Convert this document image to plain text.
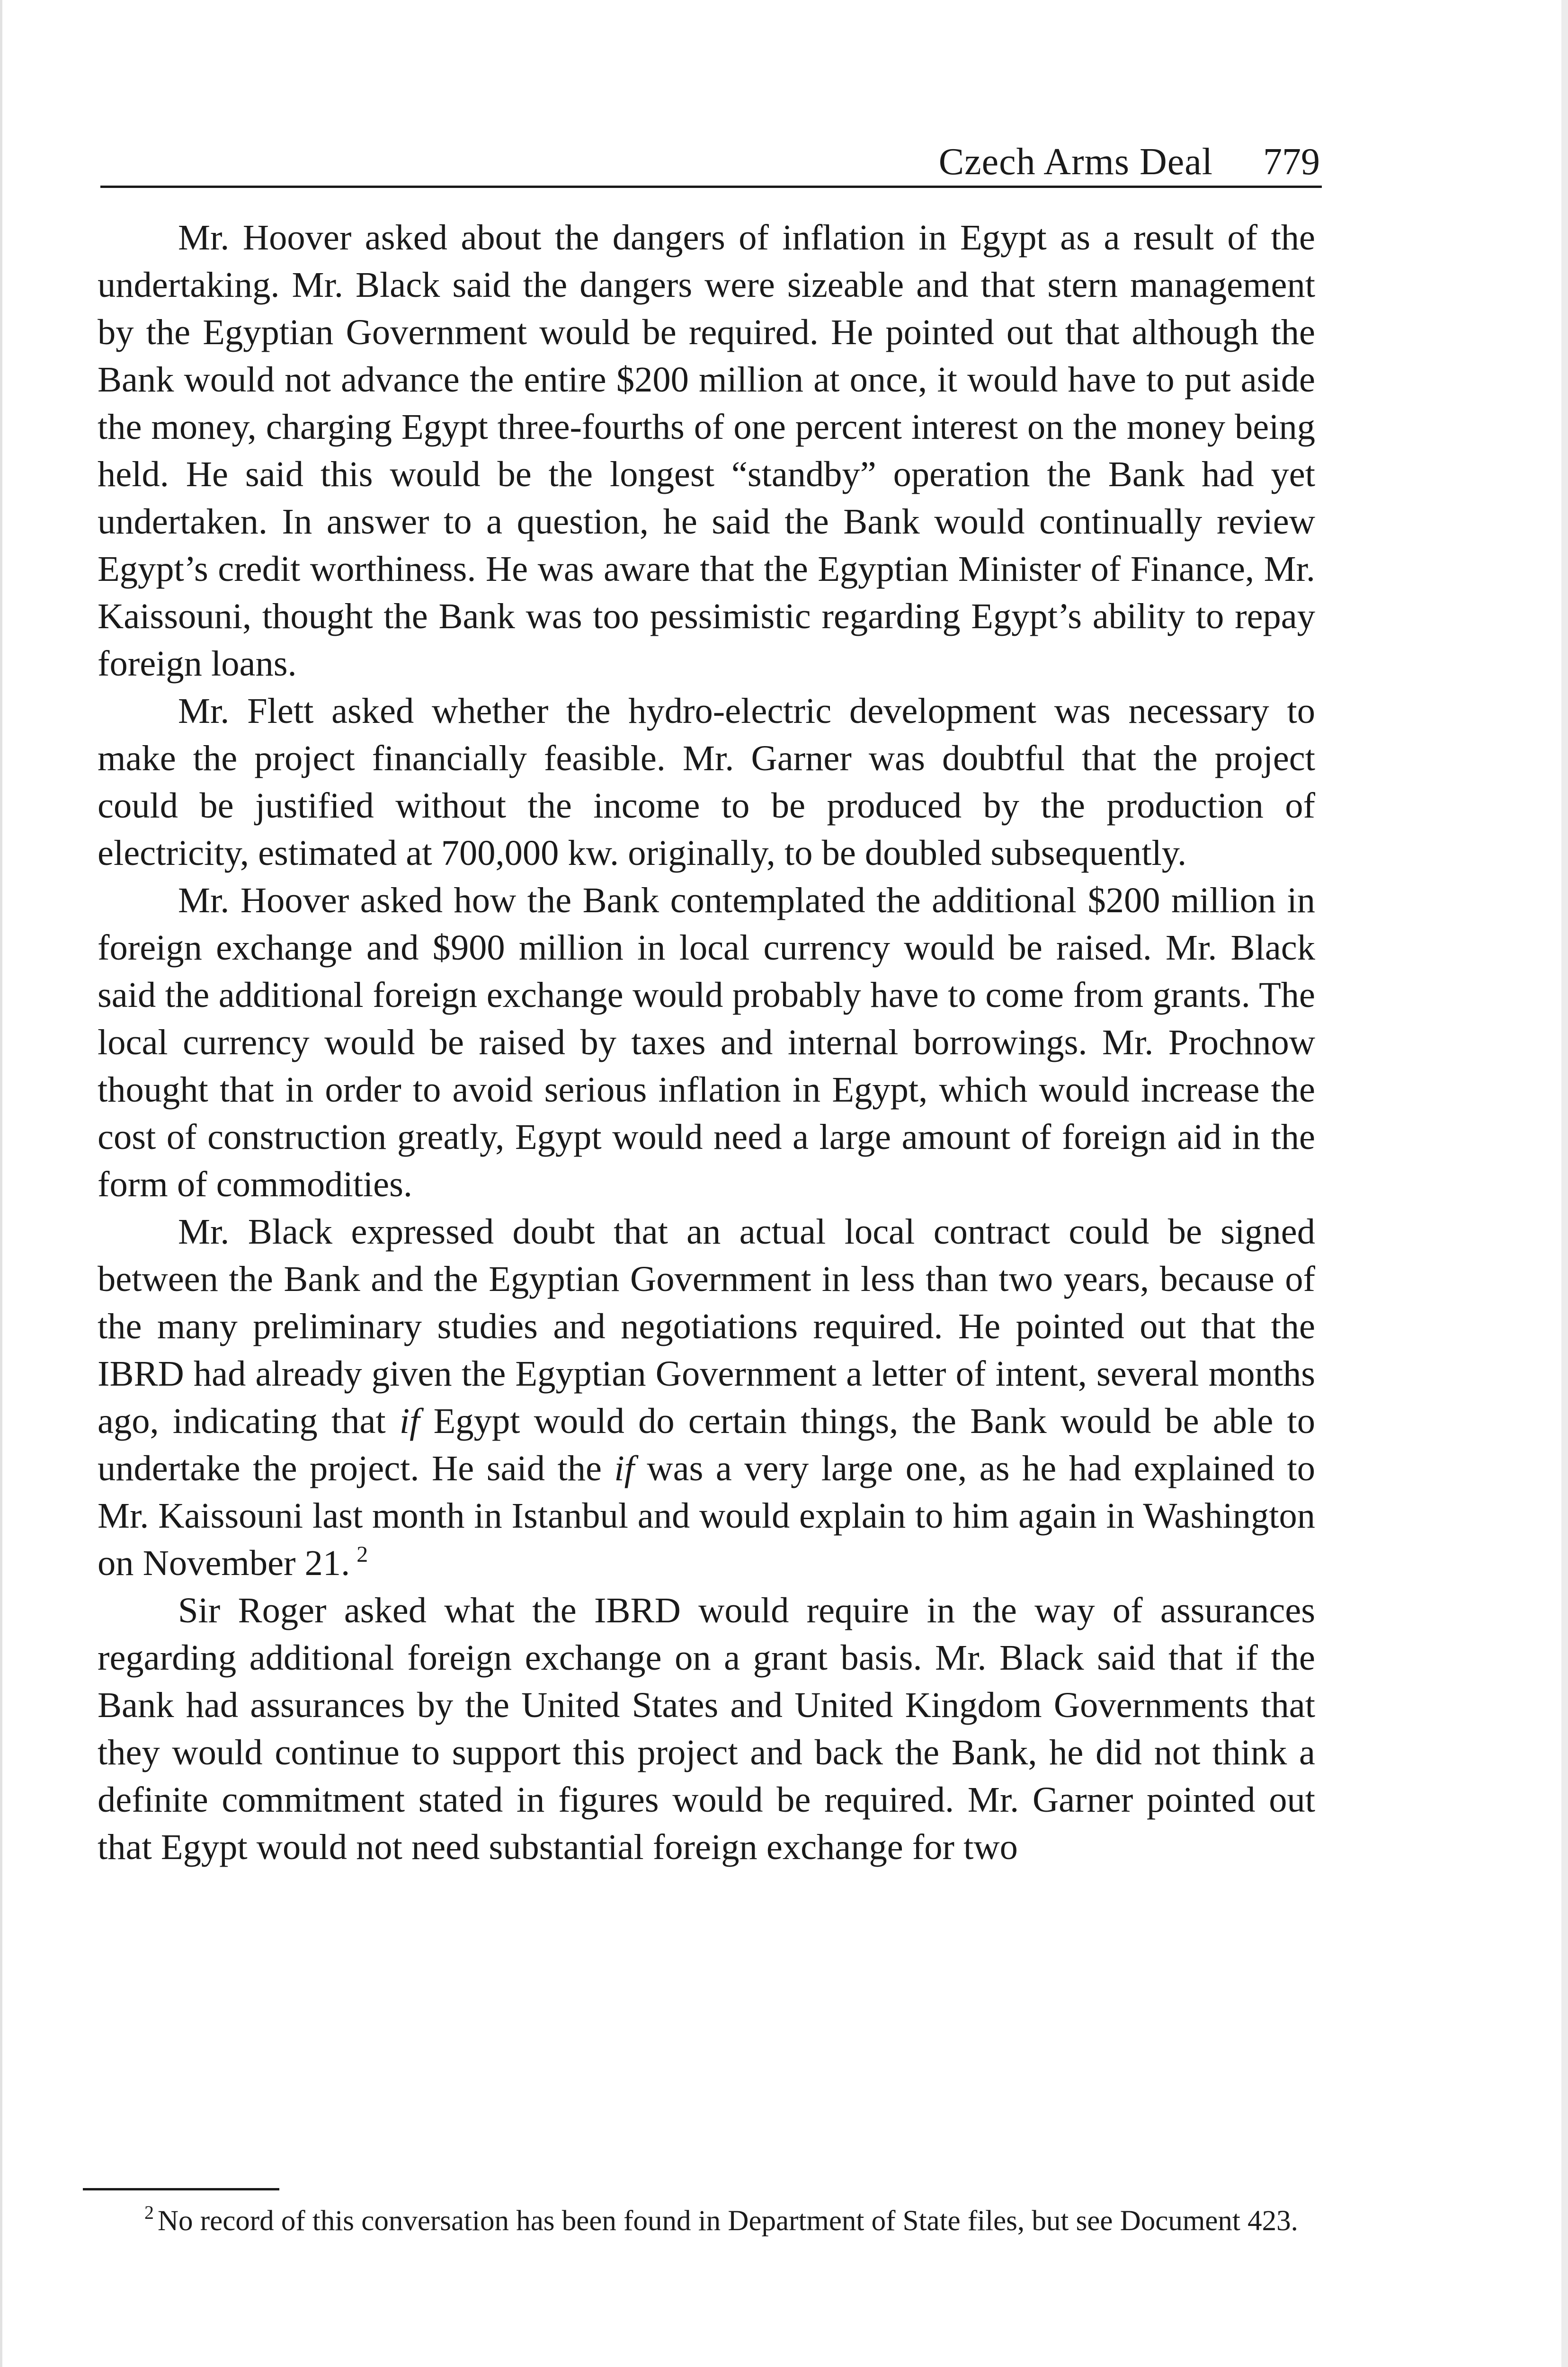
Czech Arms Deal 779

Mr. Hoover asked about the dangers of inflation in Egypt as a result of the undertaking. Mr. Black said the dangers were sizeable and that stern management by the Egyptian Government would be required. He pointed out that although the Bank would not advance the entire $200 million at once, it would have to put aside the money, charging Egypt three-fourths of one percent interest on the money being held. He said this would be the longest “standby” operation the Bank had yet undertaken. In answer to a question, he said the Bank would continually review Egypt’s credit worthiness. He was aware that the Egyptian Minister of Finance, Mr. Kaissouni, thought the Bank was too pessimistic regarding Egypt’s ability to repay foreign loans.

Mr. Flett asked whether the hydro-electric development was necessary to make the project financially feasible. Mr. Garner was doubtful that the project could be justified without the income to be produced by the production of electricity, estimated at 700,000 kw. originally, to be doubled subsequently.

Mr. Hoover asked how the Bank contemplated the additional $200 million in foreign exchange and $900 million in local currency would be raised. Mr. Black said the additional foreign exchange would probably have to come from grants. The local currency would be raised by taxes and internal borrowings. Mr. Prochnow thought that in order to avoid serious inflation in Egypt, which would increase the cost of construction greatly, Egypt would need a large amount of foreign aid in the form of commodities.

Mr. Black expressed doubt that an actual local contract could be signed between the Bank and the Egyptian Government in less than two years, because of the many preliminary studies and negotiations required. He pointed out that the IBRD had already given the Egyptian Government a letter of intent, several months ago, indicating that if Egypt would do certain things, the Bank would be able to undertake the project. He said the if was a very large one, as he had explained to Mr. Kaissouni last month in Istanbul and would explain to him again in Washington on November 21. $^2$

Sir Roger asked what the IBRD would require in the way of assurances regarding additional foreign exchange on a grant basis. Mr. Black said that if the Bank had assurances by the United States and United Kingdom Governments that they would continue to support this project and back the Bank, he did not think a definite commitment stated in figures would be required. Mr. Garner pointed out that Egypt would not need substantial foreign exchange for two

$^2$ No record of this conversation has been found in Department of State files, but see Document 423.
